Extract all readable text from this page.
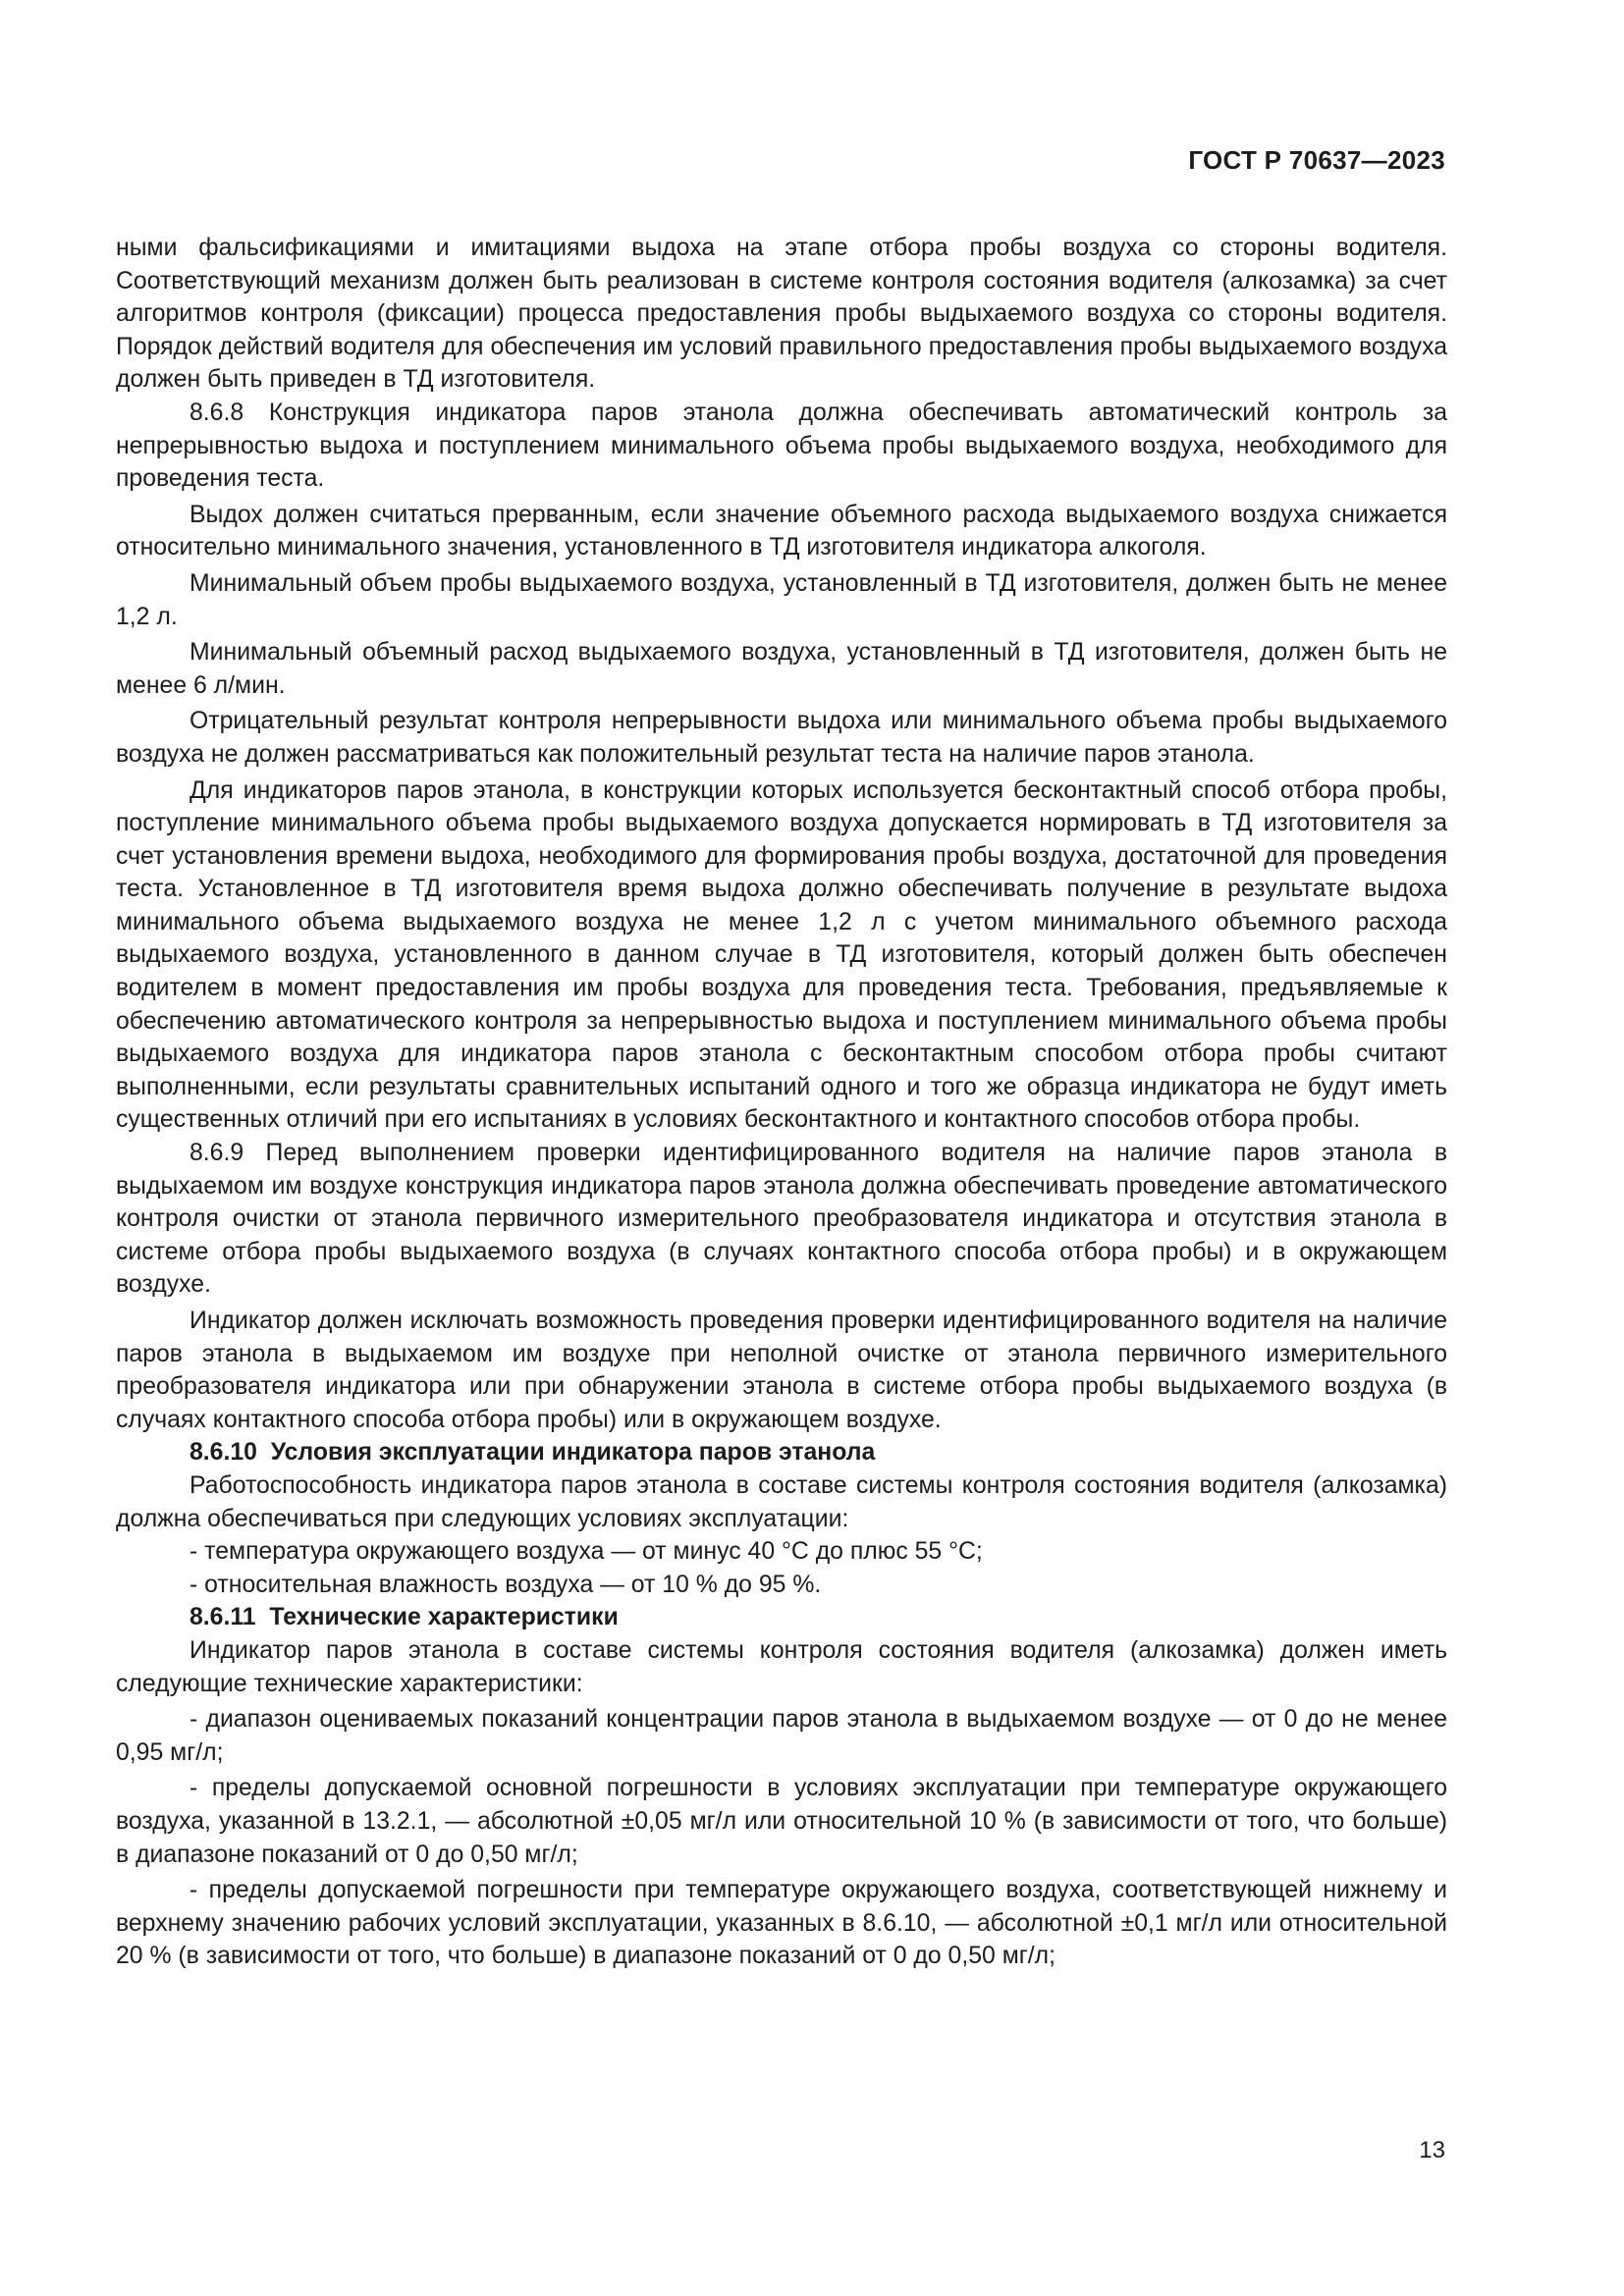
ГОСТ Р 70637—2023

ными фальсификациями и имитациями выдоха на этапе отбора пробы воздуха со стороны водителя. Соответствующий механизм должен быть реализован в системе контроля состояния водителя (алкозамка) за счет алгоритмов контроля (фиксации) процесса предоставления пробы выдыхаемого воздуха со стороны водителя. Порядок действий водителя для обеспечения им условий правильного предоставления пробы выдыхаемого воздуха должен быть приведен в ТД изготовителя.

8.6.8 Конструкция индикатора паров этанола должна обеспечивать автоматический контроль за непрерывностью выдоха и поступлением минимального объема пробы выдыхаемого воздуха, необходимого для проведения теста.

Выдох должен считаться прерванным, если значение объемного расхода выдыхаемого воздуха снижается относительно минимального значения, установленного в ТД изготовителя индикатора алкоголя.

Минимальный объем пробы выдыхаемого воздуха, установленный в ТД изготовителя, должен быть не менее 1,2 л.

Минимальный объемный расход выдыхаемого воздуха, установленный в ТД изготовителя, должен быть не менее 6 л/мин.

Отрицательный результат контроля непрерывности выдоха или минимального объема пробы выдыхаемого воздуха не должен рассматриваться как положительный результат теста на наличие паров этанола.

Для индикаторов паров этанола, в конструкции которых используется бесконтактный способ отбора пробы, поступление минимального объема пробы выдыхаемого воздуха допускается нормировать в ТД изготовителя за счет установления времени выдоха, необходимого для формирования пробы воздуха, достаточной для проведения теста. Установленное в ТД изготовителя время выдоха должно обеспечивать получение в результате выдоха минимального объема выдыхаемого воздуха не менее 1,2 л с учетом минимального объемного расхода выдыхаемого воздуха, установленного в данном случае в ТД изготовителя, который должен быть обеспечен водителем в момент предоставления им пробы воздуха для проведения теста. Требования, предъявляемые к обеспечению автоматического контроля за непрерывностью выдоха и поступлением минимального объема пробы выдыхаемого воздуха для индикатора паров этанола с бесконтактным способом отбора пробы считают выполненными, если результаты сравнительных испытаний одного и того же образца индикатора не будут иметь существенных отличий при его испытаниях в условиях бесконтактного и контактного способов отбора пробы.

8.6.9 Перед выполнением проверки идентифицированного водителя на наличие паров этанола в выдыхаемом им воздухе конструкция индикатора паров этанола должна обеспечивать проведение автоматического контроля очистки от этанола первичного измерительного преобразователя индикатора и отсутствия этанола в системе отбора пробы выдыхаемого воздуха (в случаях контактного способа отбора пробы) и в окружающем воздухе.

Индикатор должен исключать возможность проведения проверки идентифицированного водителя на наличие паров этанола в выдыхаемом им воздухе при неполной очистке от этанола первичного измерительного преобразователя индикатора или при обнаружении этанола в системе отбора пробы выдыхаемого воздуха (в случаях контактного способа отбора пробы) или в окружающем воздухе.

8.6.10 Условия эксплуатации индикатора паров этанола

Работоспособность индикатора паров этанола в составе системы контроля состояния водителя (алкозамка) должна обеспечиваться при следующих условиях эксплуатации:

- температура окружающего воздуха — от минус 40 °С до плюс 55 °С;

- относительная влажность воздуха — от 10 % до 95 %.

8.6.11 Технические характеристики

Индикатор паров этанола в составе системы контроля состояния водителя (алкозамка) должен иметь следующие технические характеристики:

- диапазон оцениваемых показаний концентрации паров этанола в выдыхаемом воздухе — от 0 до не менее 0,95 мг/л;

- пределы допускаемой основной погрешности в условиях эксплуатации при температуре окружающего воздуха, указанной в 13.2.1, — абсолютной ±0,05 мг/л или относительной 10 % (в зависимости от того, что больше) в диапазоне показаний от 0 до 0,50 мг/л;

- пределы допускаемой погрешности при температуре окружающего воздуха, соответствующей нижнему и верхнему значению рабочих условий эксплуатации, указанных в 8.6.10, — абсолютной ±0,1 мг/л или относительной 20 % (в зависимости от того, что больше) в диапазоне показаний от 0 до 0,50 мг/л;

13
